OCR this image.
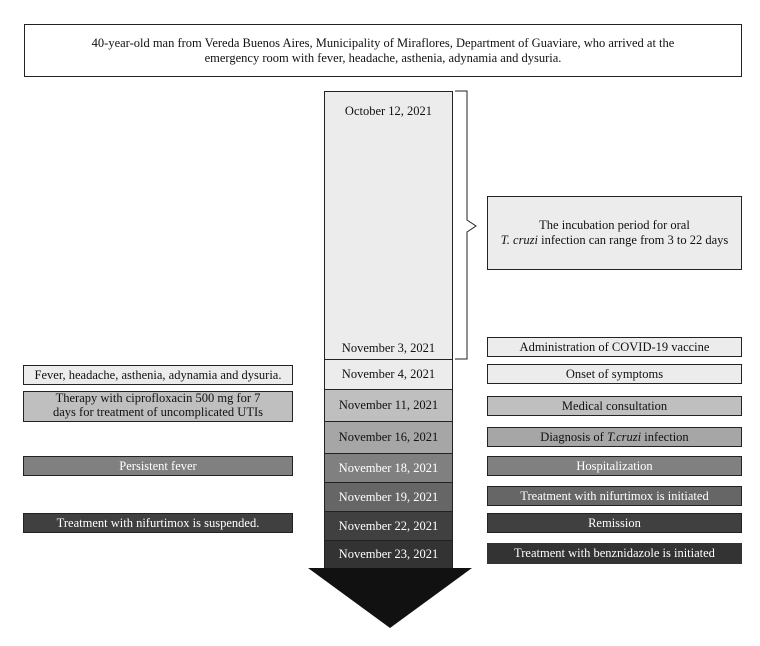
40-year-old man from Vereda Buenos Aires, Municipality of Miraflores, Department of Guaviare, who arrived at the emergency room with fever, headache, asthenia, adynamia and dysuria.
October 12, 2021
November 3, 2021
November 4, 2021
November 11, 2021
November 16, 2021
November 18, 2021
November 19, 2021
November 22, 2021
November 23, 2021
The incubation period for oral
T. cruzi infection can range from 3 to 22 days
Administration of COVID-19 vaccine
Onset of symptoms
Medical consultation
Diagnosis of
T.cruzi
infection
Hospitalization
Treatment with nifurtimox is initiated
Remission
Treatment with benznidazole is initiated
Fever, headache, asthenia, adynamia and dysuria.
Therapy with ciprofloxacin 500 mg for 7 days for treatment of uncomplicated UTIs
Persistent fever
Treatment with nifurtimox is suspended.
